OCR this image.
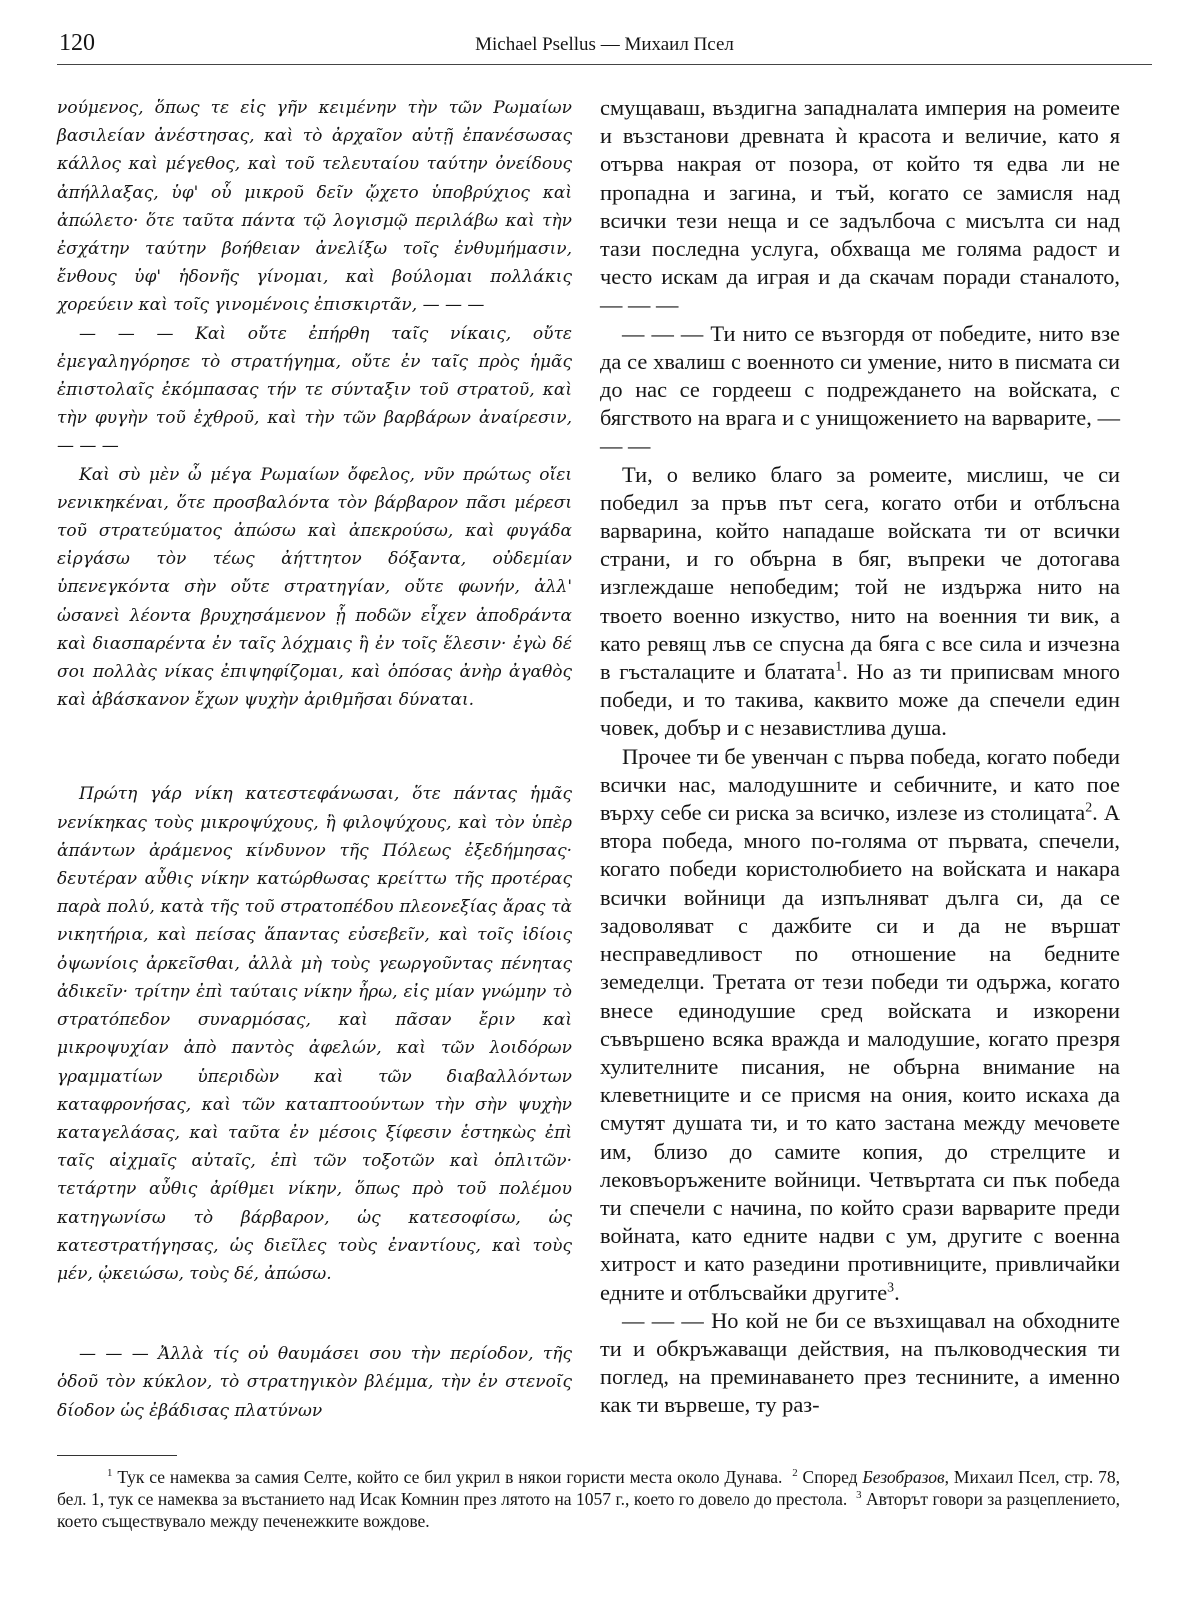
120	Michael Psellus — Михаил Псел

νούμενος, ὅπως τε εἰς γῆν κειμένην τὴν τῶν Ρωμαίων βασιλείαν ἀνέστησας, καὶ τὸ ἀρχαῖον αὐτῇ ἐπανέσωσας κάλλος καὶ μέγεθος, καὶ τοῦ τελευταίου ταύτην ὀνείδους ἀπήλλαξας, ὑφ' οὗ μικροῦ δεῖν ᾤχετο ὑποβρύχιος καὶ ἀπώλετο· ὅτε ταῦτα πάντα τῷ λογισμῷ περιλάβω καὶ τὴν ἐσχάτην ταύτην βοήθειαν ἀνελίξω τοῖς ἐνθυμήμασιν, ἔνθους ὑφ' ἡδονῆς γίνομαι, καὶ βούλομαι πολλάκις χορεύειν καὶ τοῖς γινομένοις ἐπισκιρτᾶν, — — —

— — — Καὶ οὔτε ἐπήρθη ταῖς νίκαις, οὔτε ἐμεγαληγόρησε τὸ στρατήγημα, οὔτε ἐν ταῖς πρὸς ἡμᾶς ἐπιστολαῖς ἐκόμπασας τήν τε σύνταξιν τοῦ στρατοῦ, καὶ τὴν φυγὴν τοῦ ἐχθροῦ, καὶ τὴν τῶν βαρβάρων ἀναίρεσιν, — — —

Καὶ σὺ μὲν ὦ μέγα Ρωμαίων ὄφελος, νῦν πρώτως οἴει νενικηκέναι, ὅτε προσβαλόντα τὸν βάρβαρον πᾶσι μέρεσι τοῦ στρατεύματος ἀπώσω καὶ ἀπεκρούσω, καὶ φυγάδα εἰργάσω τὸν τέως ἀήττητον δόξαντα, οὐδεμίαν ὑπενεγκόντα σὴν οὔτε στρατηγίαν, οὔτε φωνήν, ἀλλ' ὡσανεὶ λέοντα βρυχησάμενον ᾗ ποδῶν εἶχεν ἀποδράντα καὶ διασπαρέντα ἐν ταῖς λόχμαις ἢ ἐν τοῖς ἕλεσιν· ἐγὼ δέ σοι πολλὰς νίκας ἐπιψηφίζομαι, καὶ ὁπόσας ἀνὴρ ἀγαθὸς καὶ ἀβάσκανον ἔχων ψυχὴν ἀριθμῆσαι δύναται.

Πρώτη γάρ νίκη κατεστεφάνωσαι, ὅτε πάντας ἡμᾶς νενίκηκας τοὺς μικροψύχους, ἢ φιλοψύχους, καὶ τὸν ὑπὲρ ἁπάντων ἀράμενος κίνδυνον τῆς Πόλεως ἐξεδήμησας· δευτέραν αὖθις νίκην κατώρθωσας κρείττω τῆς προτέρας παρὰ πολύ, κατὰ τῆς τοῦ στρατοπέδου πλεονεξίας ἄρας τὰ νικητήρια, καὶ πείσας ἅπαντας εὐσεβεῖν, καὶ τοῖς ἰδίοις ὀψωνίοις ἀρκεῖσθαι, ἀλλὰ μὴ τοὺς γεωργοῦντας πένητας ἀδικεῖν· τρίτην ἐπὶ ταύταις νίκην ἦρω, εἰς μίαν γνώμην τὸ στρατόπεδον συναρμόσας, καὶ πᾶσαν ἔριν καὶ μικροψυχίαν ἀπὸ παντὸς ἀφελών, καὶ τῶν λοιδόρων γραμματίων ὑπεριδὼν καὶ τῶν διαβαλλόντων καταφρονήσας, καὶ τῶν καταπτοούντων τὴν σὴν ψυχὴν καταγελάσας, καὶ ταῦτα ἐν μέσοις ξίφεσιν ἑστηκὼς ἐπὶ ταῖς αἰχμαῖς αὐταῖς, ἐπὶ τῶν τοξοτῶν καὶ ὁπλιτῶν· τετάρτην αὖθις ἀρίθμει νίκην, ὅπως πρὸ τοῦ πολέμου κατηγωνίσω τὸ βάρβαρον, ὡς κατεσοφίσω, ὡς κατεστρατήγησας, ὡς διεῖλες τοὺς ἐναντίους, καὶ τοὺς μέν, ᾠκειώσω, τοὺς δέ, ἀπώσω.

— — — Ἀλλὰ τίς οὐ θαυμάσει σου τὴν περίοδον, τῆς ὁδοῦ τὸν κύκλον, τὸ στρατηγικὸν βλέμμα, τὴν ἐν στενοῖς δίοδον ὡς ἐβάδισας πλατύνων

смущаваш, въздигна западналата империя на ромеите и възстанови древната ѝ красота и величие, като я отърва накрая от позора, от който тя едва ли не пропадна и загина, и тъй, когато се замисля над всички тези неща и се задълбоча с мисълта си над тази последна услуга, обхваща ме голяма радост и често искам да играя и да скачам поради станалото, — — —

— — — Ти нито се възгордя от победите, нито взе да се хвалиш с военното си умение, нито в писмата си до нас се гордееш с подреждането на войската, с бягството на врага и с унищожението на варварите, — — —

Ти, о велико благо за ромеите, мислиш, че си победил за пръв път сега, когато отби и отблъсна варварина, който нападаше войската ти от всички страни, и го обърна в бяг, въпреки че дотогава изглеждаше непобедим; той не издържа нито на твоето военно изкуство, нито на военния ти вик, а като ревящ лъв се спусна да бяга с все сила и изчезна в гъсталаците и блатата$^1$. Но аз ти приписвам много победи, и то такива, каквито може да спечели един човек, добър и с независтлива душа.

Прочее ти бе увенчан с първа победа, когато победи всички нас, малодушните и себичните, и като пое върху себе си риска за всичко, излезе из столицата$^2$. А втора победа, много по-голяма от първата, спечели, когато победи користолюбието на войската и накара всички войници да изпълняват дълга си, да се задоволяват с дажбите си и да не вършат несправедливост по отношение на бедните земеделци. Третата от тези победи ти одържа, когато внесе единодушие сред войската и изкорени съвършено всяка вражда и малодушие, когато презря хулителните писания, не обърна внимание на клеветниците и се присмя на ония, които искаха да смутят душата ти, и то като застана между мечовете им, близо до самите копия, до стрелците и лековъоръжените войници. Четвъртата си пък победа ти спечели с начина, по който срази варварите преди войната, като едните надви с ум, другите с военна хитрост и като разедини противниците, привличайки едните и отблъсвайки другите$^3$.

— — — Но кой не би се възхищавал на обходните ти и обкръжаващи действия, на пълководческия ти поглед, на преминаването през теснините, а именно как ти вървеше, ту раз-

$^1$ Тук се намеква за самия Селте, който се бил укрил в някои гористи места около Дунава. $^2$ Според Безобразов, Михаил Псел, стр. 78, бел. 1, тук се намеква за въстанието над Исак Комнин през лятото на 1057 г., което го довело до престола. $^3$ Авторът говори за разцеплението, което съществувало между печенежките вождове.
